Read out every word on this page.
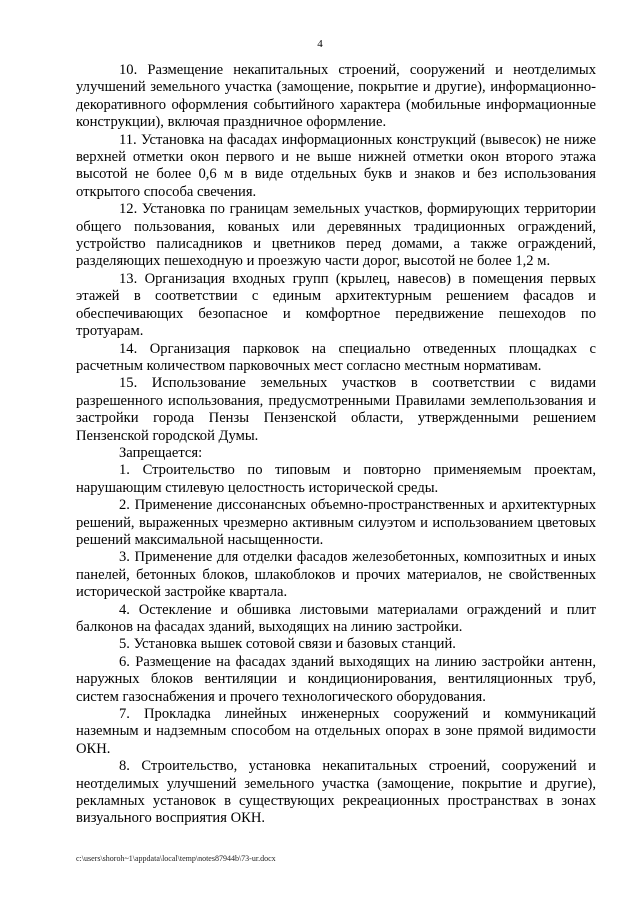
4

10. Размещение некапитальных строений, сооружений и неотделимых улучшений земельного участка (замощение, покрытие и другие), информационно-декоративного оформления событийного характера (мобильные информационные конструкции), включая праздничное оформление.

11. Установка на фасадах информационных конструкций (вывесок) не ниже верхней отметки окон первого и не выше нижней отметки окон второго этажа высотой не более 0,6 м в виде отдельных букв и знаков и без использования открытого способа свечения.

12. Установка по границам земельных участков, формирующих территории общего пользования, кованых или деревянных традиционных ограждений, устройство палисадников и цветников перед домами, а также ограждений, разделяющих пешеходную и проезжую части дорог, высотой не более 1,2 м.

13. Организация входных групп (крылец, навесов) в помещения первых этажей в соответствии с единым архитектурным решением фасадов и обеспечивающих безопасное и комфортное передвижение пешеходов по тротуарам.

14. Организация парковок на специально отведенных площадках с расчетным количеством парковочных мест согласно местным нормативам.

15. Использование земельных участков в соответствии с видами разрешенного использования, предусмотренными Правилами землепользования и застройки города Пензы Пензенской области, утвержденными решением Пензенской городской Думы.

Запрещается:

1. Строительство по типовым и повторно применяемым проектам, нарушающим стилевую целостность исторической среды.

2. Применение диссонансных объемно-пространственных и архитектурных решений, выраженных чрезмерно активным силуэтом и использованием цветовых решений максимальной насыщенности.

3. Применение для отделки фасадов железобетонных, композитных и иных панелей, бетонных блоков, шлакоблоков и прочих материалов, не свойственных исторической застройке квартала.

4. Остекление и обшивка листовыми материалами ограждений и плит балконов на фасадах зданий, выходящих на линию застройки.

5. Установка вышек сотовой связи и базовых станций.

6. Размещение на фасадах зданий выходящих на линию застройки антенн, наружных блоков вентиляции и кондиционирования, вентиляционных труб, систем газоснабжения и прочего технологического оборудования.

7. Прокладка линейных инженерных сооружений и коммуникаций наземным и надземным способом на отдельных опорах в зоне прямой видимости ОКН.

8. Строительство, установка некапитальных строений, сооружений и неотделимых улучшений земельного участка (замощение, покрытие и другие), рекламных установок в существующих рекреационных пространствах в зонах визуального восприятия ОКН.

c:\users\shoroh~1\appdata\local\temp\notes87944b\73-ur.docx
